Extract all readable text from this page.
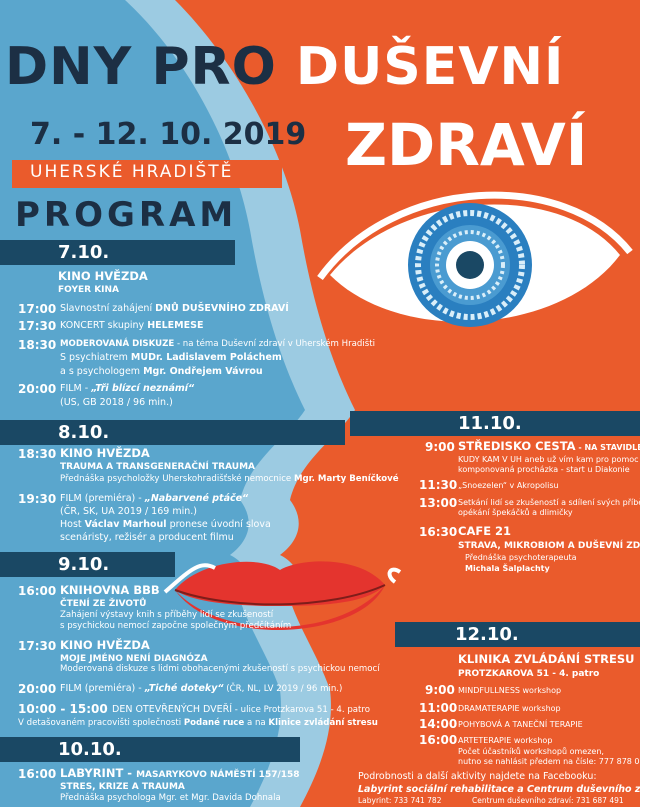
DNY PRO DUŠEVNÍ
ZDRAVÍ
7. - 12. 10. 2019
UHERSKÉ HRADIŠTĚ
PROGRAM
7.10.
KINO HVĚZDA
FOYER KINA
17:00 Slavnostní zahájení DNŮ DUŠEVNÍHO ZDRAVÍ
17:30 KONCERT skupiny HELEMESE
18:30 MODEROVANÁ DISKUZE - na téma Duševní zdraví v Uherském Hradišti
S psychiatrem MUDr. Ladislavem Poláchem
a s psychologem Mgr. Ondřejem Vávrou
20:00 FILM - „Tři blízcí neznámí“
(US, GB 2018 / 96 min.)
8.10.
18:30 KINO HVĚZDA
TRAUMA A TRANSGENERAČNÍ TRAUMA
Přednáška psycholožky Uherskohradišťské nemocnice Mgr. Marty Beníčkové
19:30 FILM (premiéra) - „Nabarvené ptáče“
(ČR, SK, UA 2019 / 169 min.)
Host Václav Marhoul pronese úvodní slova
scenáristy, režisér a producent filmu
9.10.
16:00 KNIHOVNA BBB
ČTENÍ ZE ŽIVOTŮ
Zahájení výstavy knih s příběhy lidí se zkušeností
s psychickou nemocí započne společným předčítáním
17:30 KINO HVĚZDA
MOJE JMÉNO NENÍ DIAGNÓZA
Moderovaná diskuze s lidmi obohacenými zkušeností s psychickou nemocí
20:00 FILM (premiéra) - „Tiché doteky“ (ČR, NL, LV 2019 / 96 min.)
10:00 - 15:00 DEN OTEVŘENÝCH DVEŘÍ - ulice Protzkarova 51 - 4. patro
V detašovaném pracovišti společnosti Podané ruce a na Klinice zvládání stresu
10.10.
16:00 LABYRINT - MASARYKOVO NÁMĚSTÍ 157/158
STRES, KRIZE A TRAUMA
Přednáška psychologa Mgr. et Mgr. Davida Dohnala
11.10.
9:00 STŘEDISKO CESTA - NA STAVIDLE 1266
KUDY KAM V UH aneb už vím kam pro pomoc
komponovaná procházka - start u Diakonie
11:30 „Snoezelen“ v Akropolisu
13:00 Setkání lidí se zkušeností a sdílení svých příběhů
opékání špekáčků a dlimičky
16:30 CAFE 21
STRAVA, MIKROBIOM A DUŠEVNÍ ZDRAVÍ
Přednáška psychoterapeuta
Michala Šalplachty
12.10.
KLINIKA ZVLÁDÁNÍ STRESU
PROTZKAROVA 51 - 4. patro
9:00 MINDFULLNESS workshop
11:00 DRAMATERAPIE workshop
14:00 POHYBOVÁ A TANEČNÍ TERAPIE
16:00 ARTETERAPIE workshop
Počet účastníků workshopů omezen,
nutno se nahlásit předem na čísle: 777 878 062
Podrobnosti a další aktivity najdete na Facebooku:
Labyrint sociální rehabilitace a Centrum duševního zdraví
Labyrint: 733 741 782	Centrum duševního zdraví: 731 687 491
